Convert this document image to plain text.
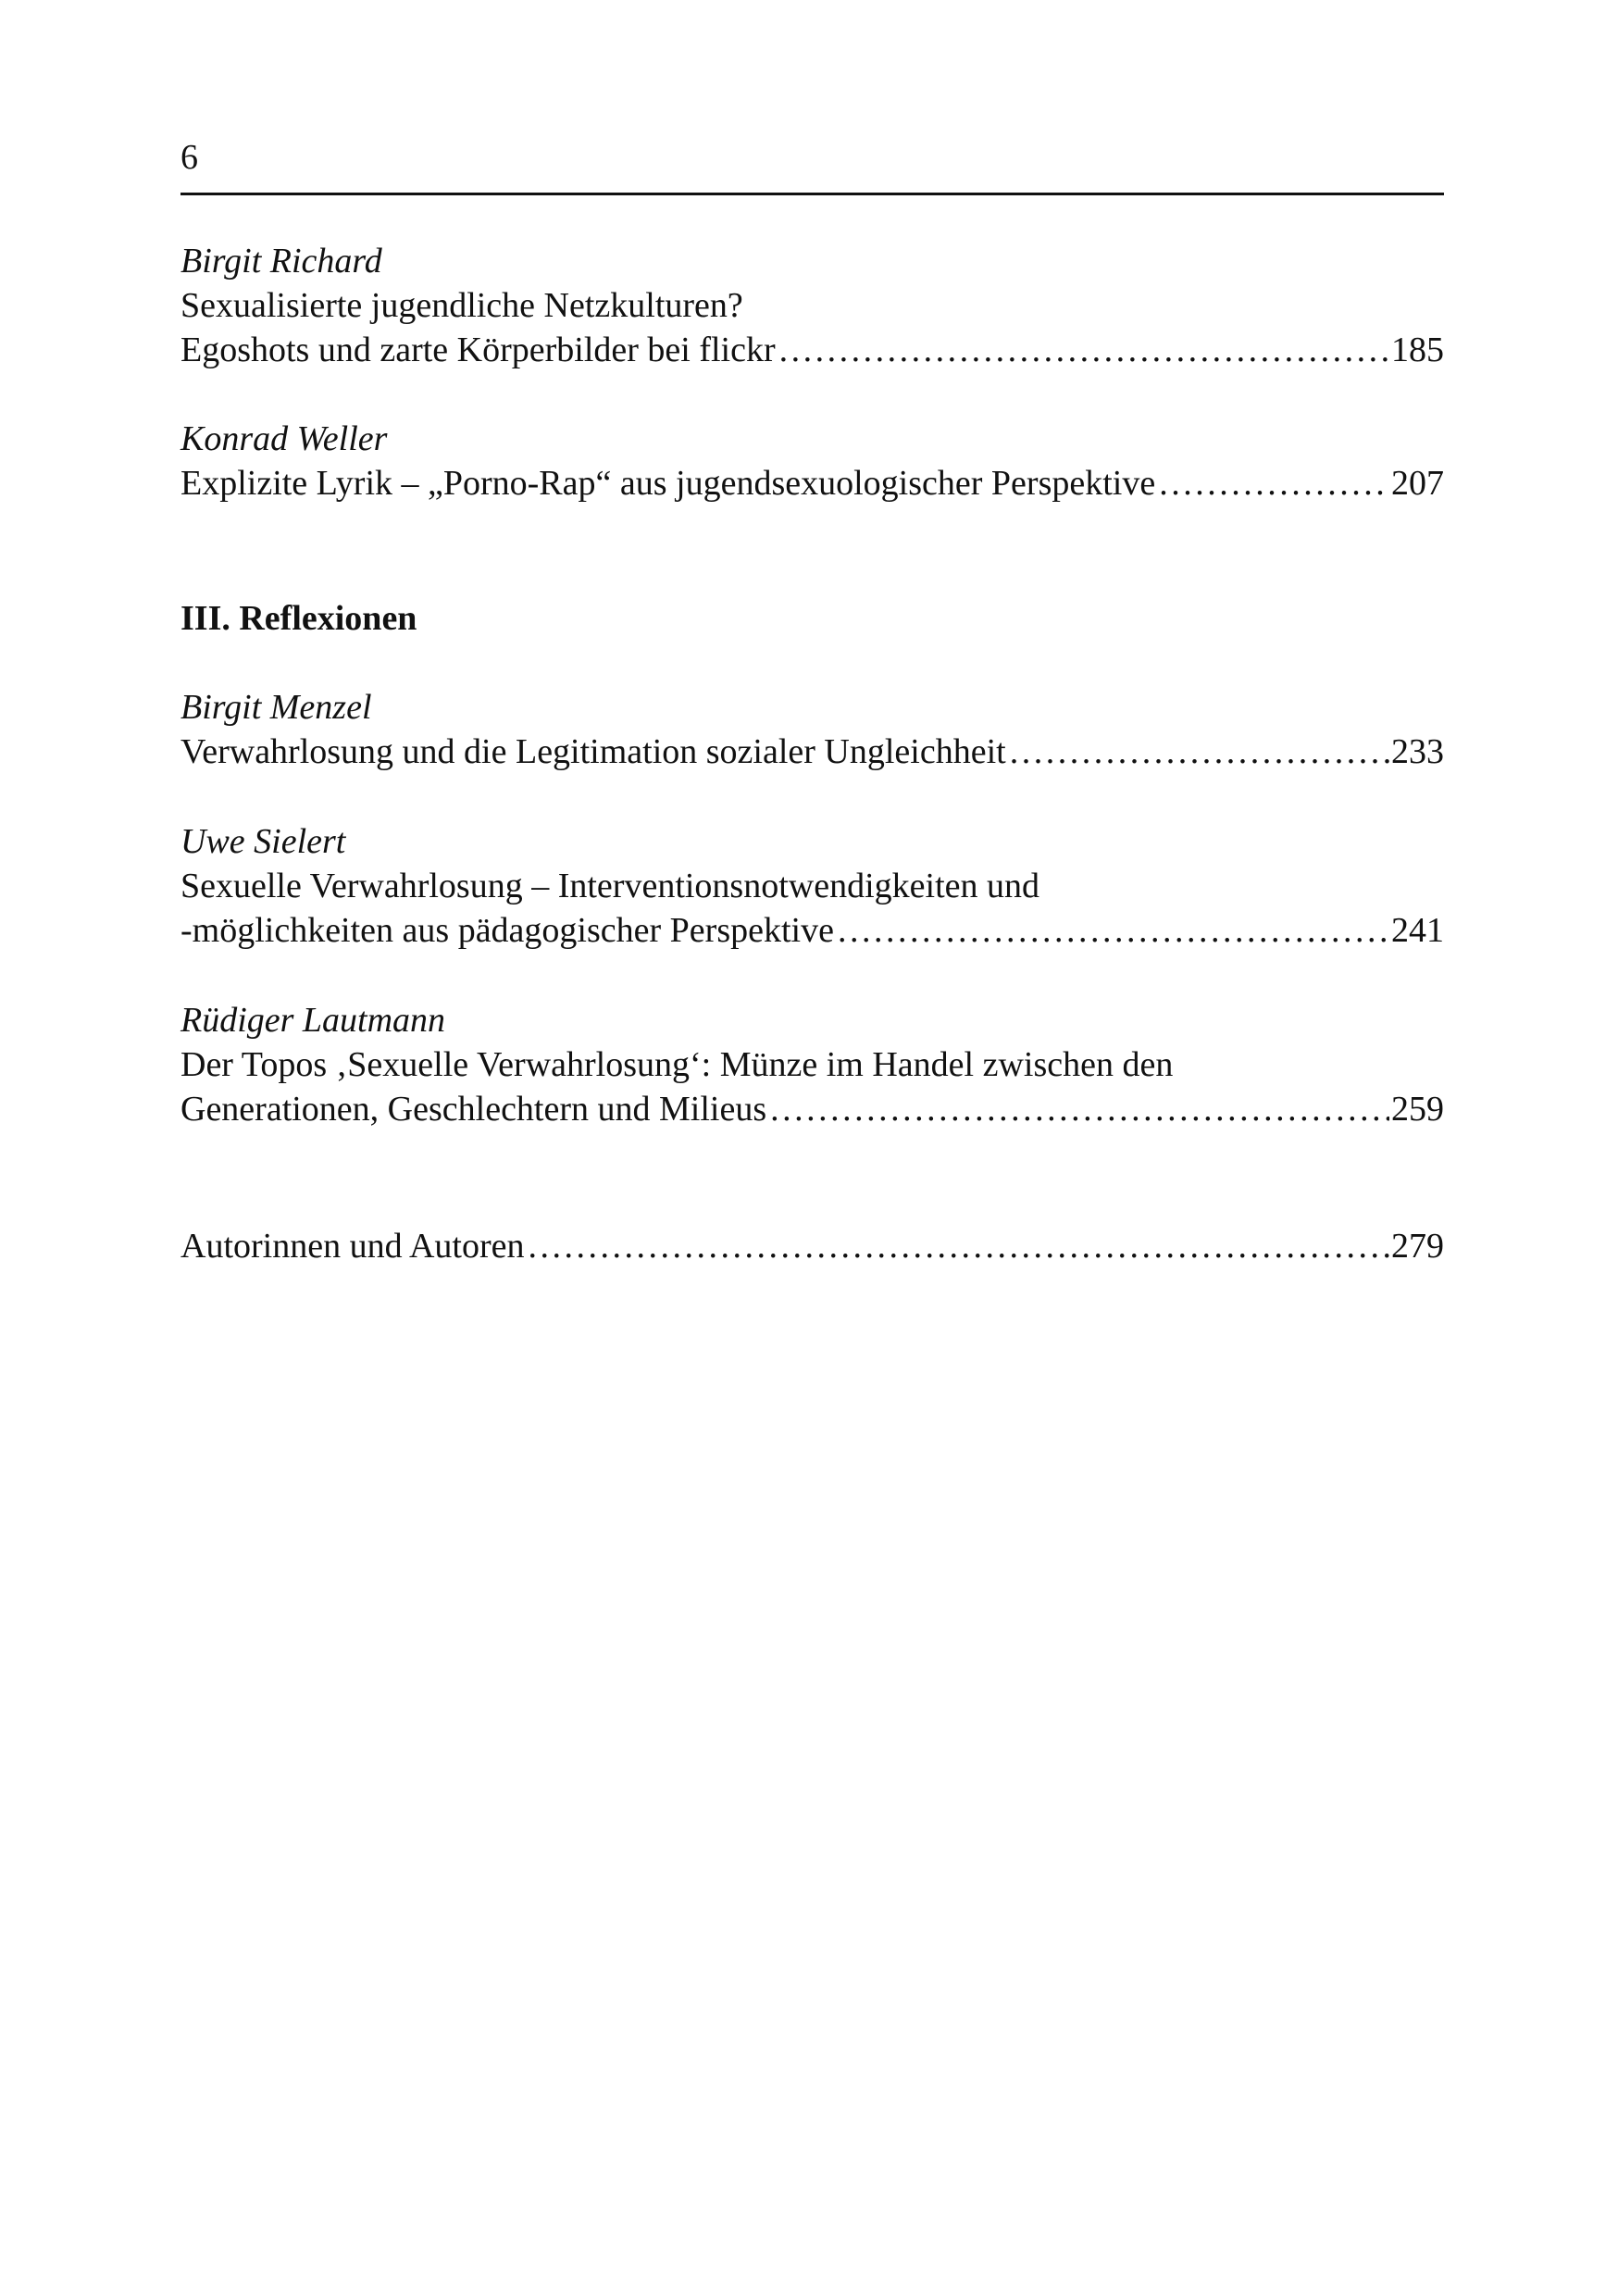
6
Birgit Richard
Sexualisierte jugendliche Netzkulturen?
Egoshots und zarte Körperbilder bei flickr . . .	185
Konrad Weller
Explizite Lyrik – „Porno-Rap“ aus jugendsexuologischer Perspektive . . .	207
III. Reflexionen
Birgit Menzel
Verwahrlosung und die Legitimation sozialer Ungleichheit . . .	233
Uwe Sielert
Sexuelle Verwahrlosung – Interventionsnotwendigkeiten und
-möglichkeiten aus pädagogischer Perspektive . . .	241
Rüdiger Lautmann
Der Topos ‚Sexuelle Verwahrlosung‘: Münze im Handel zwischen den
Generationen, Geschlechtern und Milieus . . .	259
Autorinnen und Autoren . . .	279
